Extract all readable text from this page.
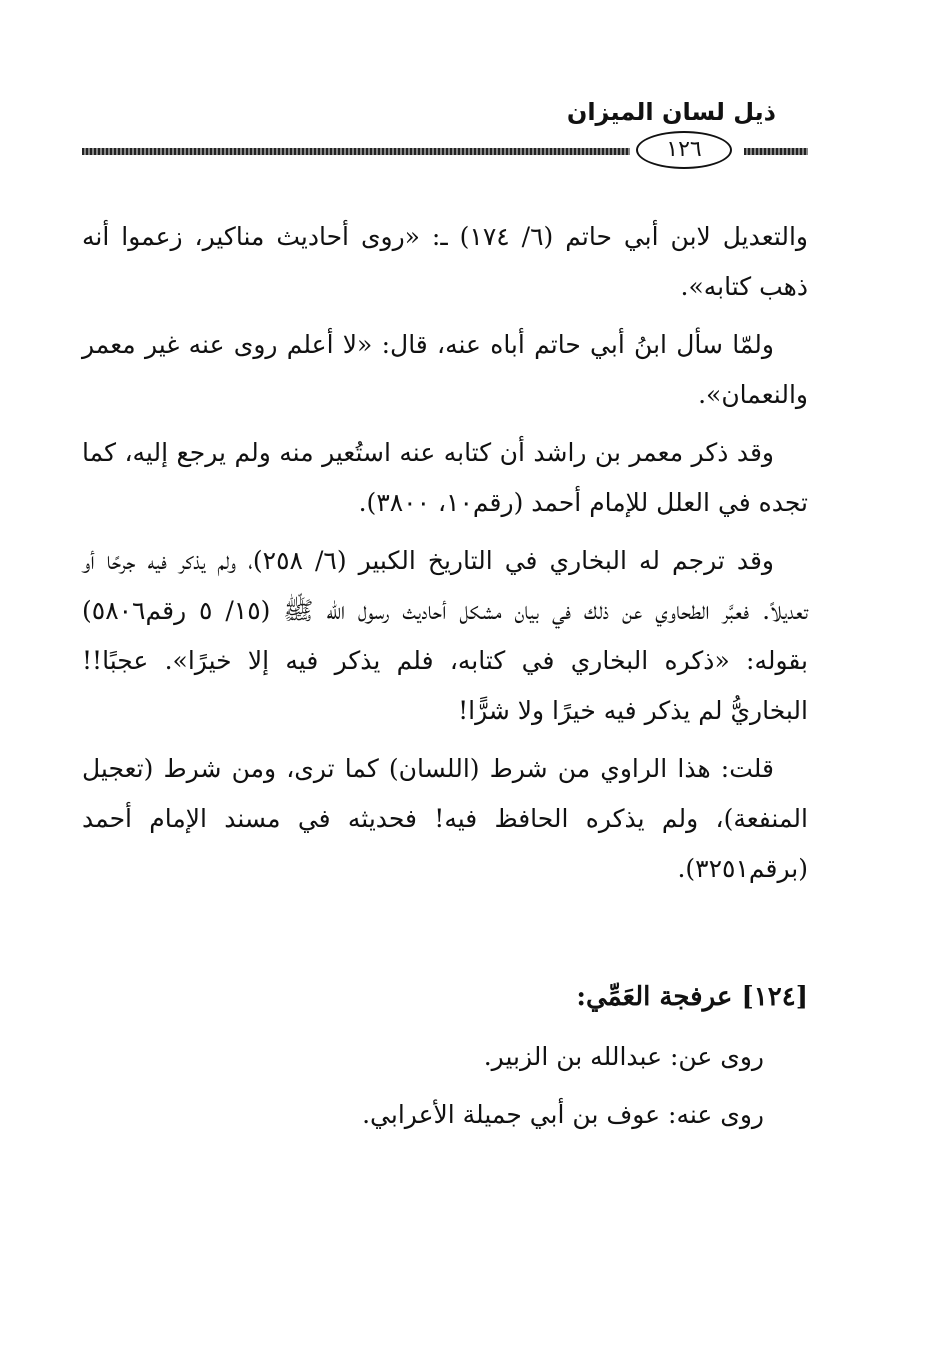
ذيل لسان الميزان
١٢٦

والتعديل لابن أبي حاتم (٦/ ١٧٤) ـ: «روى أحاديث مناكير، زعموا أنه ذهب كتابه».

ولمّا سأل ابنُ أبي حاتم أباه عنه، قال: «لا أعلم روى عنه غير معمر والنعمان».

وقد ذكر معمر بن راشد أن كتابه عنه استُعير منه ولم يرجع إليه، كما تجده في العلل للإمام أحمد (رقم١٠، ٣٨٠٠).

وقد ترجم له البخاري في التاريخ الكبير (٦/ ٢٥٨)، ولم يذكر فيه جرحًا أو تعديلاً. فعبَّر الطحاوي عن ذلك في بيان مشكل أحاديث رسول الله ﷺ (١٥/ ٥ رقم٥٨٠٦) بقوله: «ذكره البخاري في كتابه، فلم يذكر فيه إلا خيرًا». عجبًا!! البخاريُّ لم يذكر فيه خيرًا ولا شرًّا!

قلت: هذا الراوي من شرط (اللسان) كما ترى، ومن شرط (تعجيل المنفعة)، ولم يذكره الحافظ فيه! فحديثه في مسند الإمام أحمد (برقم٣٢٥١).

[١٢٤] عرفجة العَمِّي:

روى عن: عبدالله بن الزبير.

روى عنه: عوف بن أبي جميلة الأعرابي.
